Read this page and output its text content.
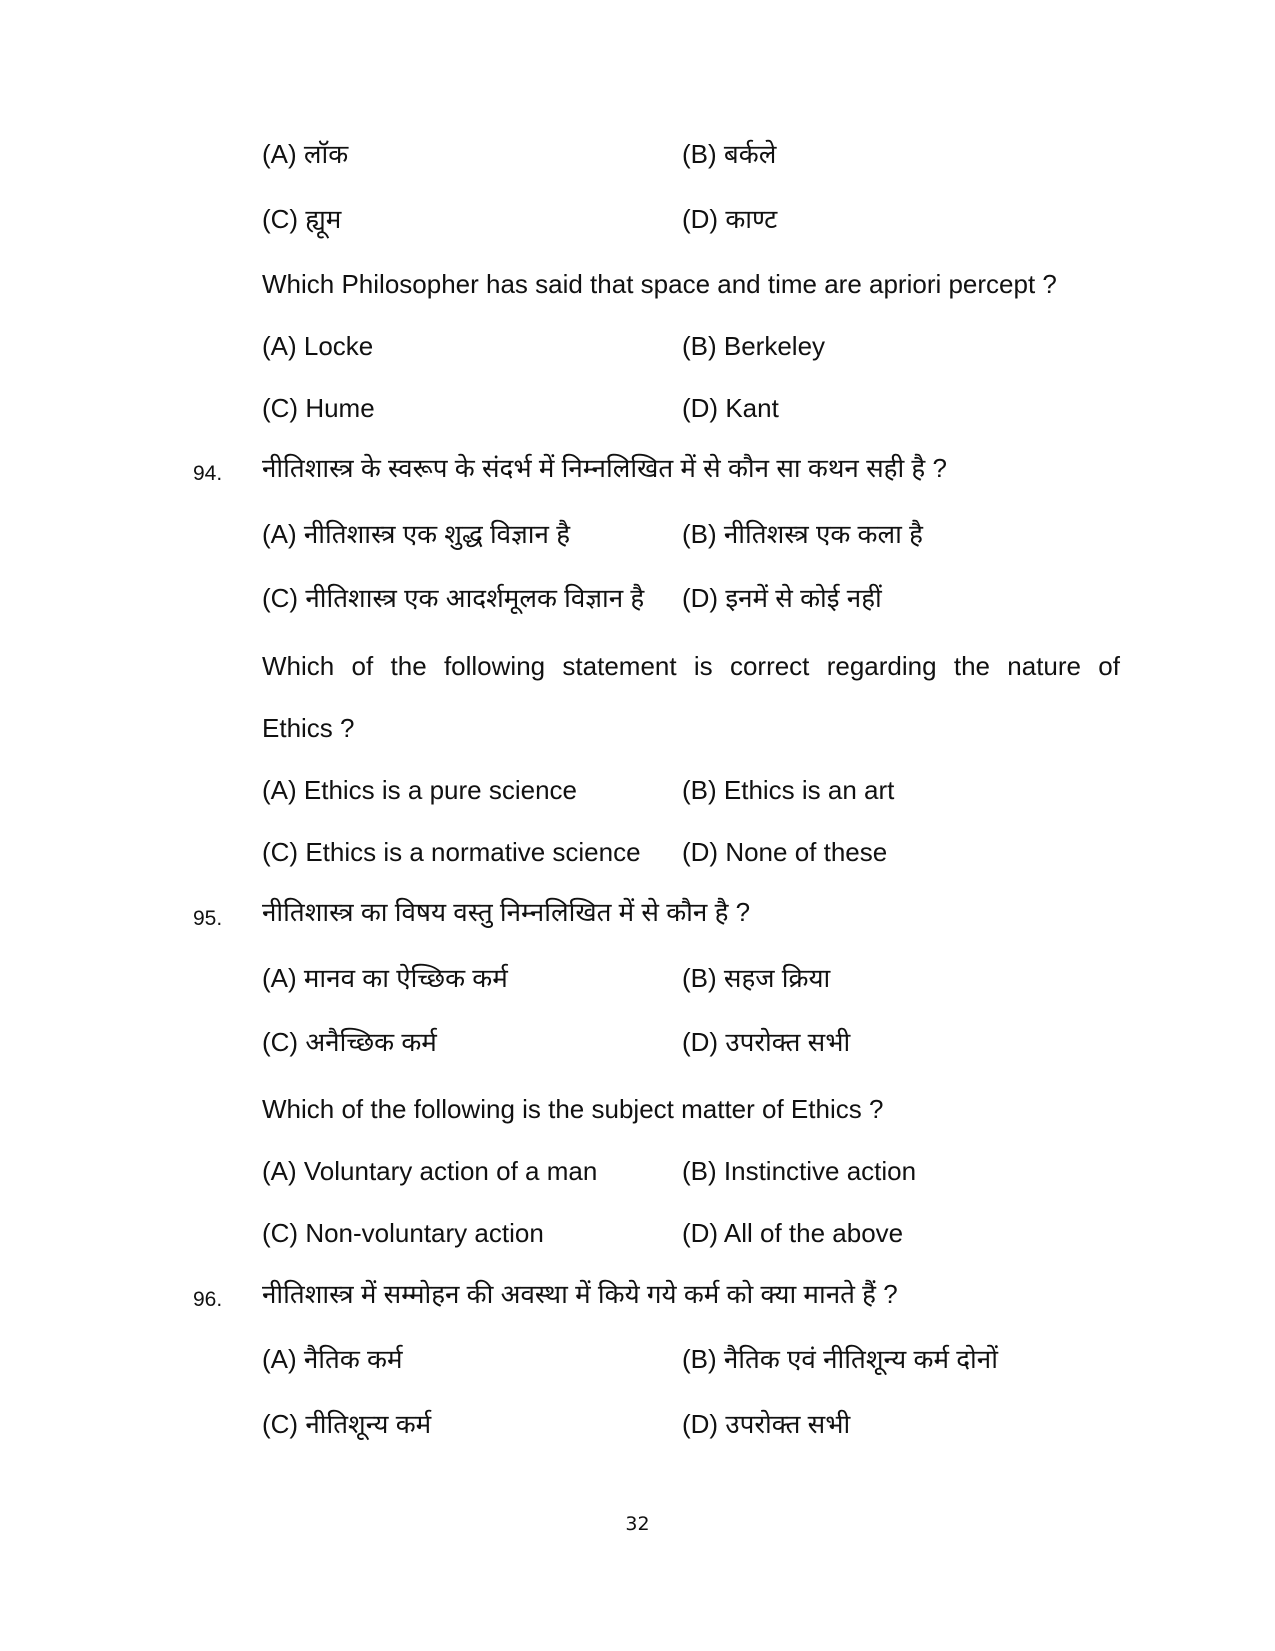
(A) लॉक	(B) बर्कले
(C) ह्यूम	(D) काण्ट
Which Philosopher has said that space and time are apriori percept ?
(A) Locke	(B) Berkeley
(C) Hume	(D) Kant
94. नीतिशास्त्र के स्वरूप के संदर्भ में निम्नलिखित में से कौन सा कथन सही है ?
(A) नीतिशास्त्र एक शुद्ध विज्ञान है	(B) नीतिशस्त्र एक कला है
(C) नीतिशास्त्र एक आदर्शमूलक विज्ञान है (D) इनमें से कोई नहीं
Which of the following statement is correct regarding the nature of
Ethics ?
(A) Ethics is a pure science	(B) Ethics is an art
(C) Ethics is a normative science (D) None of these
95. नीतिशास्त्र का विषय वस्तु निम्नलिखित में से कौन है ?
(A) मानव का ऐच्छिक कर्म	(B) सहज क्रिया
(C) अनैच्छिक कर्म	(D) उपरोक्त सभी
Which of the following is the subject matter of Ethics ?
(A) Voluntary action of a man	(B) Instinctive action
(C) Non-voluntary action	(D) All of the above
96. नीतिशास्त्र में सम्मोहन की अवस्था में किये गये कर्म को क्या मानते हैं ?
(A) नैतिक कर्म	(B) नैतिक एवं नीतिशून्य कर्म दोनों
(C) नीतिशून्य कर्म	(D) उपरोक्त सभी
32
